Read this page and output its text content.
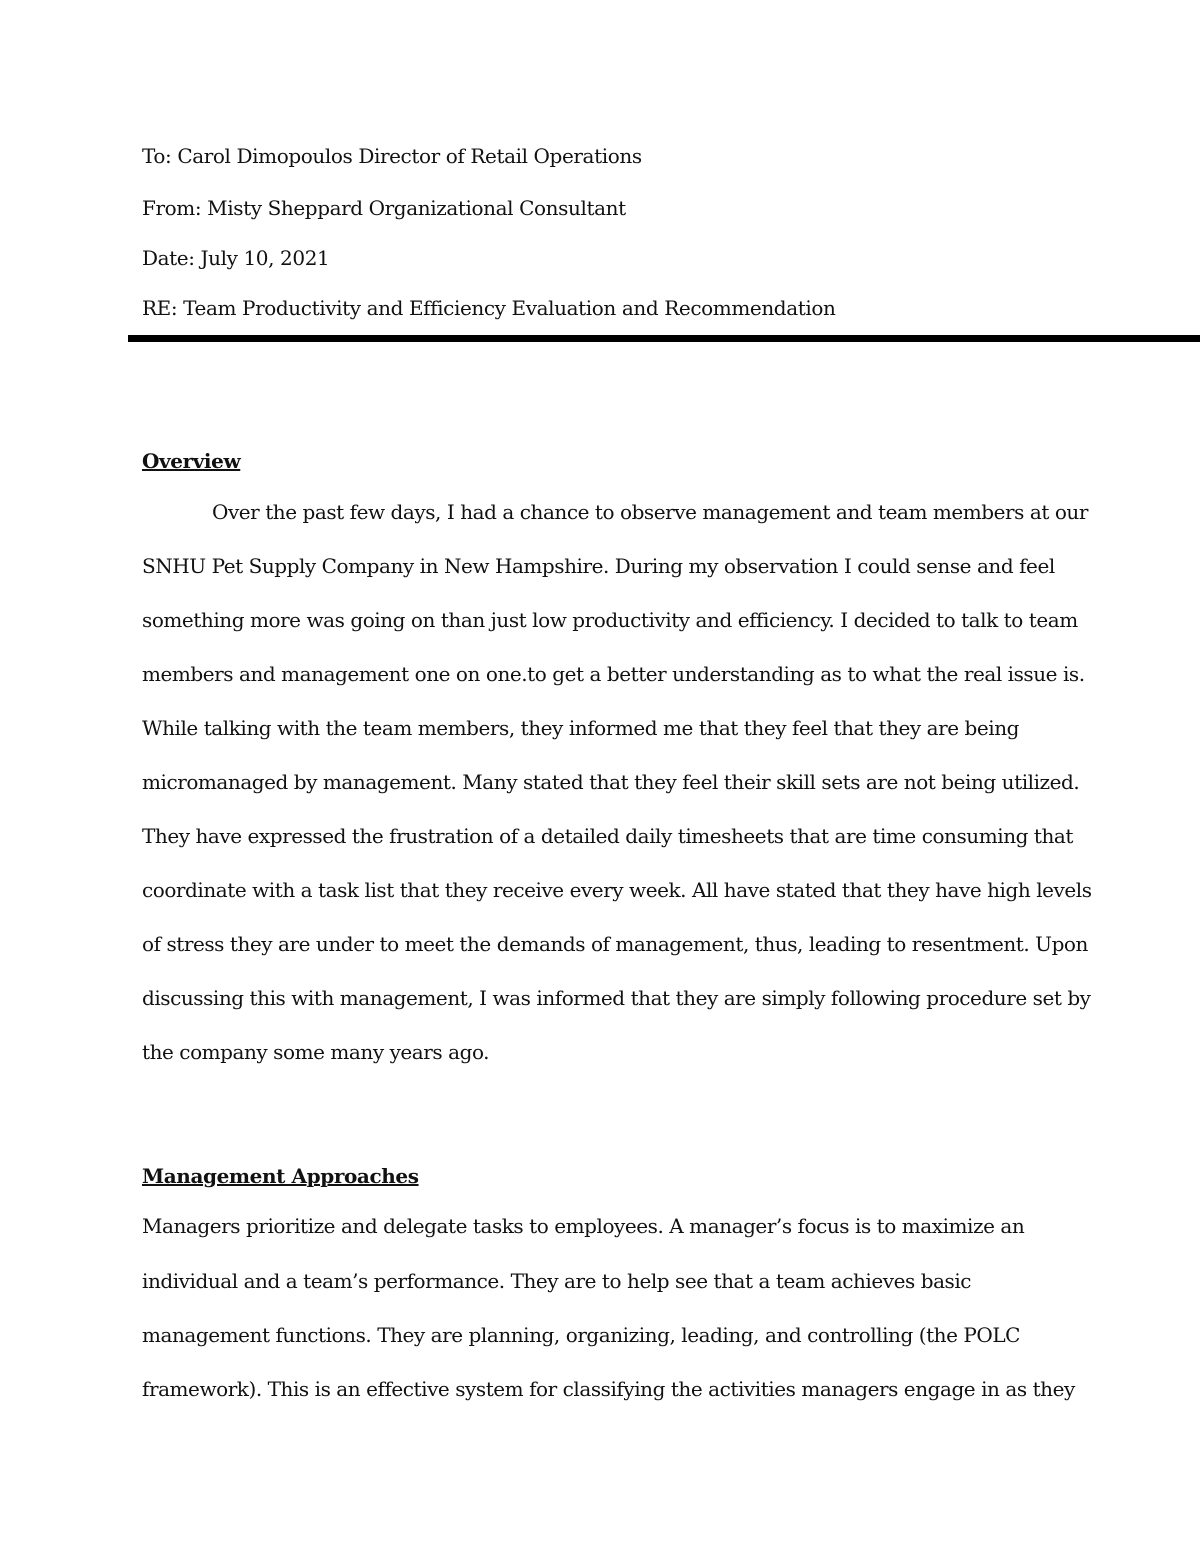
To: Carol Dimopoulos Director of Retail Operations
From: Misty Sheppard Organizational Consultant
Date: July 10, 2021
RE: Team Productivity and Efficiency Evaluation and Recommendation
Overview
Over the past few days, I had a chance to observe management and team members at our
SNHU Pet Supply Company in New Hampshire. During my observation I could sense and feel
something more was going on than just low productivity and efficiency. I decided to talk to team
members and management one on one.to get a better understanding as to what the real issue is.
While talking with the team members, they informed me that they feel that they are being
micromanaged by management. Many stated that they feel their skill sets are not being utilized.
They have expressed the frustration of a detailed daily timesheets that are time consuming that
coordinate with a task list that they receive every week. All have stated that they have high levels
of stress they are under to meet the demands of management, thus, leading to resentment. Upon
discussing this with management, I was informed that they are simply following procedure set by
the company some many years ago.
Management Approaches
Managers prioritize and delegate tasks to employees. A manager’s focus is to maximize an
individual and a team’s performance. They are to help see that a team achieves basic
management functions. They are planning, organizing, leading, and controlling (the POLC
framework). This is an effective system for classifying the activities managers engage in as they
